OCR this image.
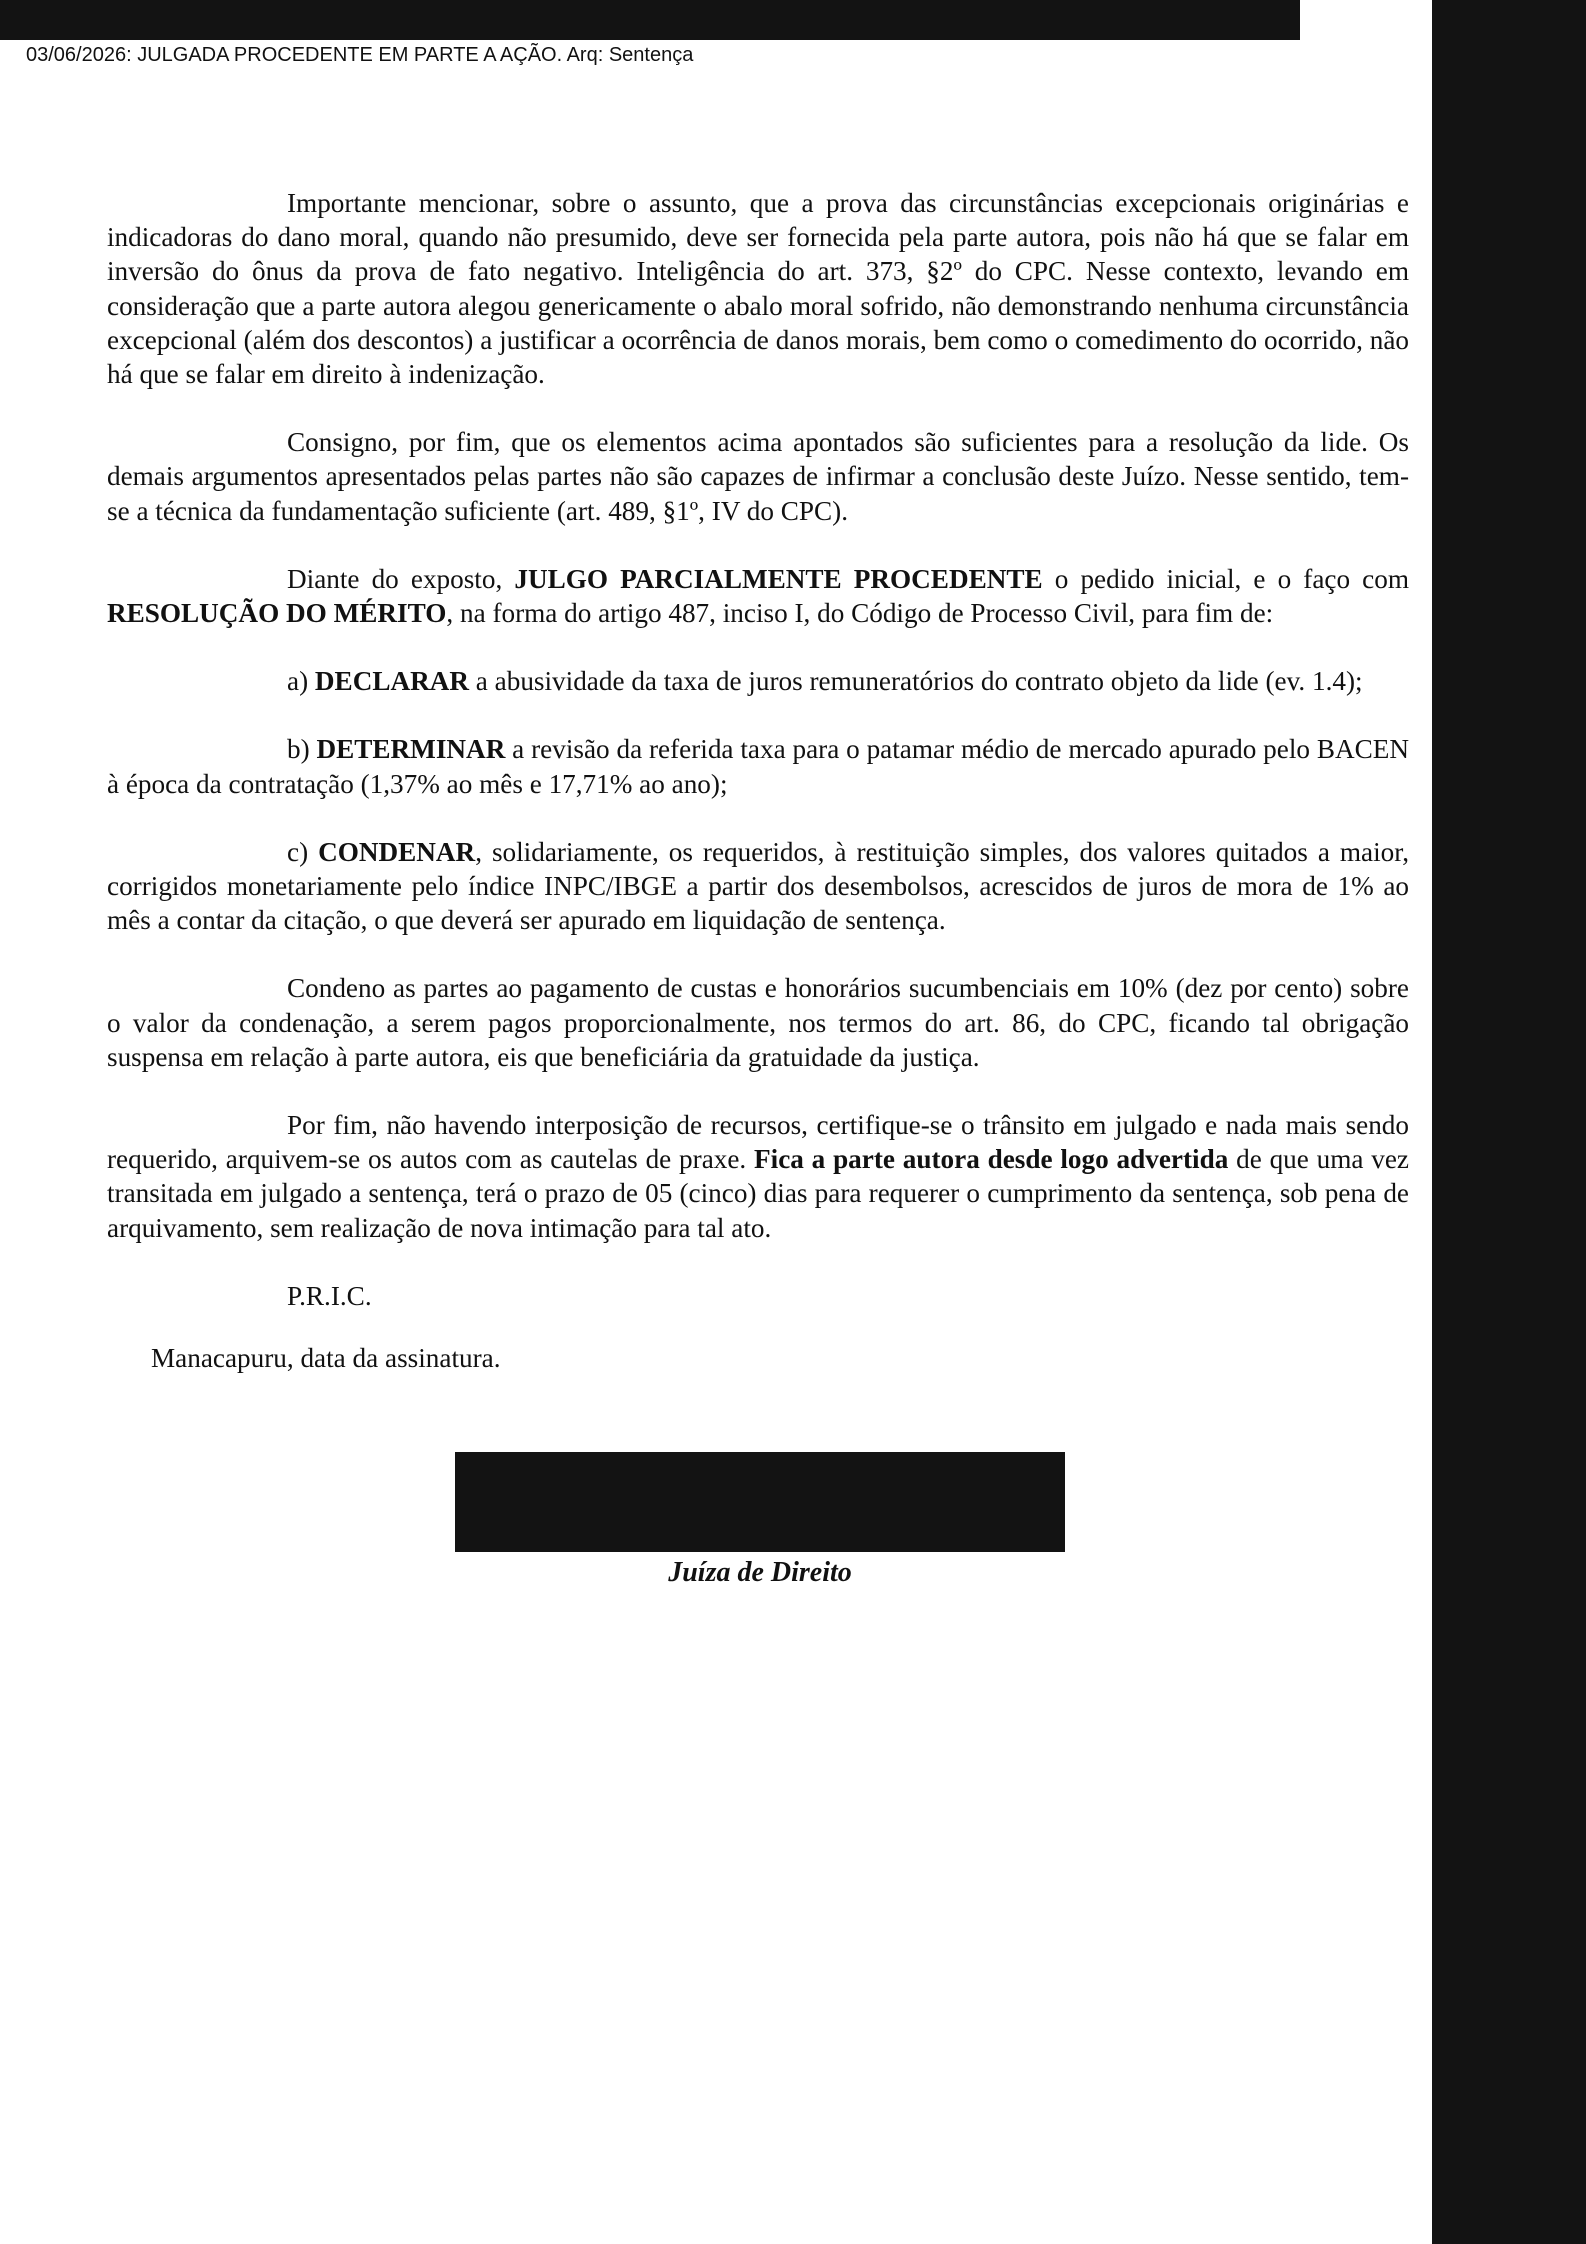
03/06/2026: JULGADA PROCEDENTE EM PARTE A AÇÃO. Arq: Sentença

Importante mencionar, sobre o assunto, que a prova das circunstâncias excepcionais originárias e indicadoras do dano moral, quando não presumido, deve ser fornecida pela parte autora, pois não há que se falar em inversão do ônus da prova de fato negativo. Inteligência do art. 373, §2º do CPC. Nesse contexto, levando em consideração que a parte autora alegou genericamente o abalo moral sofrido, não demonstrando nenhuma circunstância excepcional (além dos descontos) a justificar a ocorrência de danos morais, bem como o comedimento do ocorrido, não há que se falar em direito à indenização.

Consigno, por fim, que os elementos acima apontados são suficientes para a resolução da lide. Os demais argumentos apresentados pelas partes não são capazes de infirmar a conclusão deste Juízo. Nesse sentido, tem-se a técnica da fundamentação suficiente (art. 489, §1º, IV do CPC).

Diante do exposto, JULGO PARCIALMENTE PROCEDENTE o pedido inicial, e o faço com RESOLUÇÃO DO MÉRITO, na forma do artigo 487, inciso I, do Código de Processo Civil, para fim de:

a) DECLARAR a abusividade da taxa de juros remuneratórios do contrato objeto da lide (ev. 1.4);

b) DETERMINAR a revisão da referida taxa para o patamar médio de mercado apurado pelo BACEN à época da contratação (1,37% ao mês e 17,71% ao ano);

c) CONDENAR, solidariamente, os requeridos, à restituição simples, dos valores quitados a maior, corrigidos monetariamente pelo índice INPC/IBGE a partir dos desembolsos, acrescidos de juros de mora de 1% ao mês a contar da citação, o que deverá ser apurado em liquidação de sentença.

Condeno as partes ao pagamento de custas e honorários sucumbenciais em 10% (dez por cento) sobre o valor da condenação, a serem pagos proporcionalmente, nos termos do art. 86, do CPC, ficando tal obrigação suspensa em relação à parte autora, eis que beneficiária da gratuidade da justiça.

Por fim, não havendo interposição de recursos, certifique-se o trânsito em julgado e nada mais sendo requerido, arquivem-se os autos com as cautelas de praxe. Fica a parte autora desde logo advertida de que uma vez transitada em julgado a sentença, terá o prazo de 05 (cinco) dias para requerer o cumprimento da sentença, sob pena de arquivamento, sem realização de nova intimação para tal ato.

P.R.I.C.

Manacapuru, data da assinatura.

Juíza de Direito
